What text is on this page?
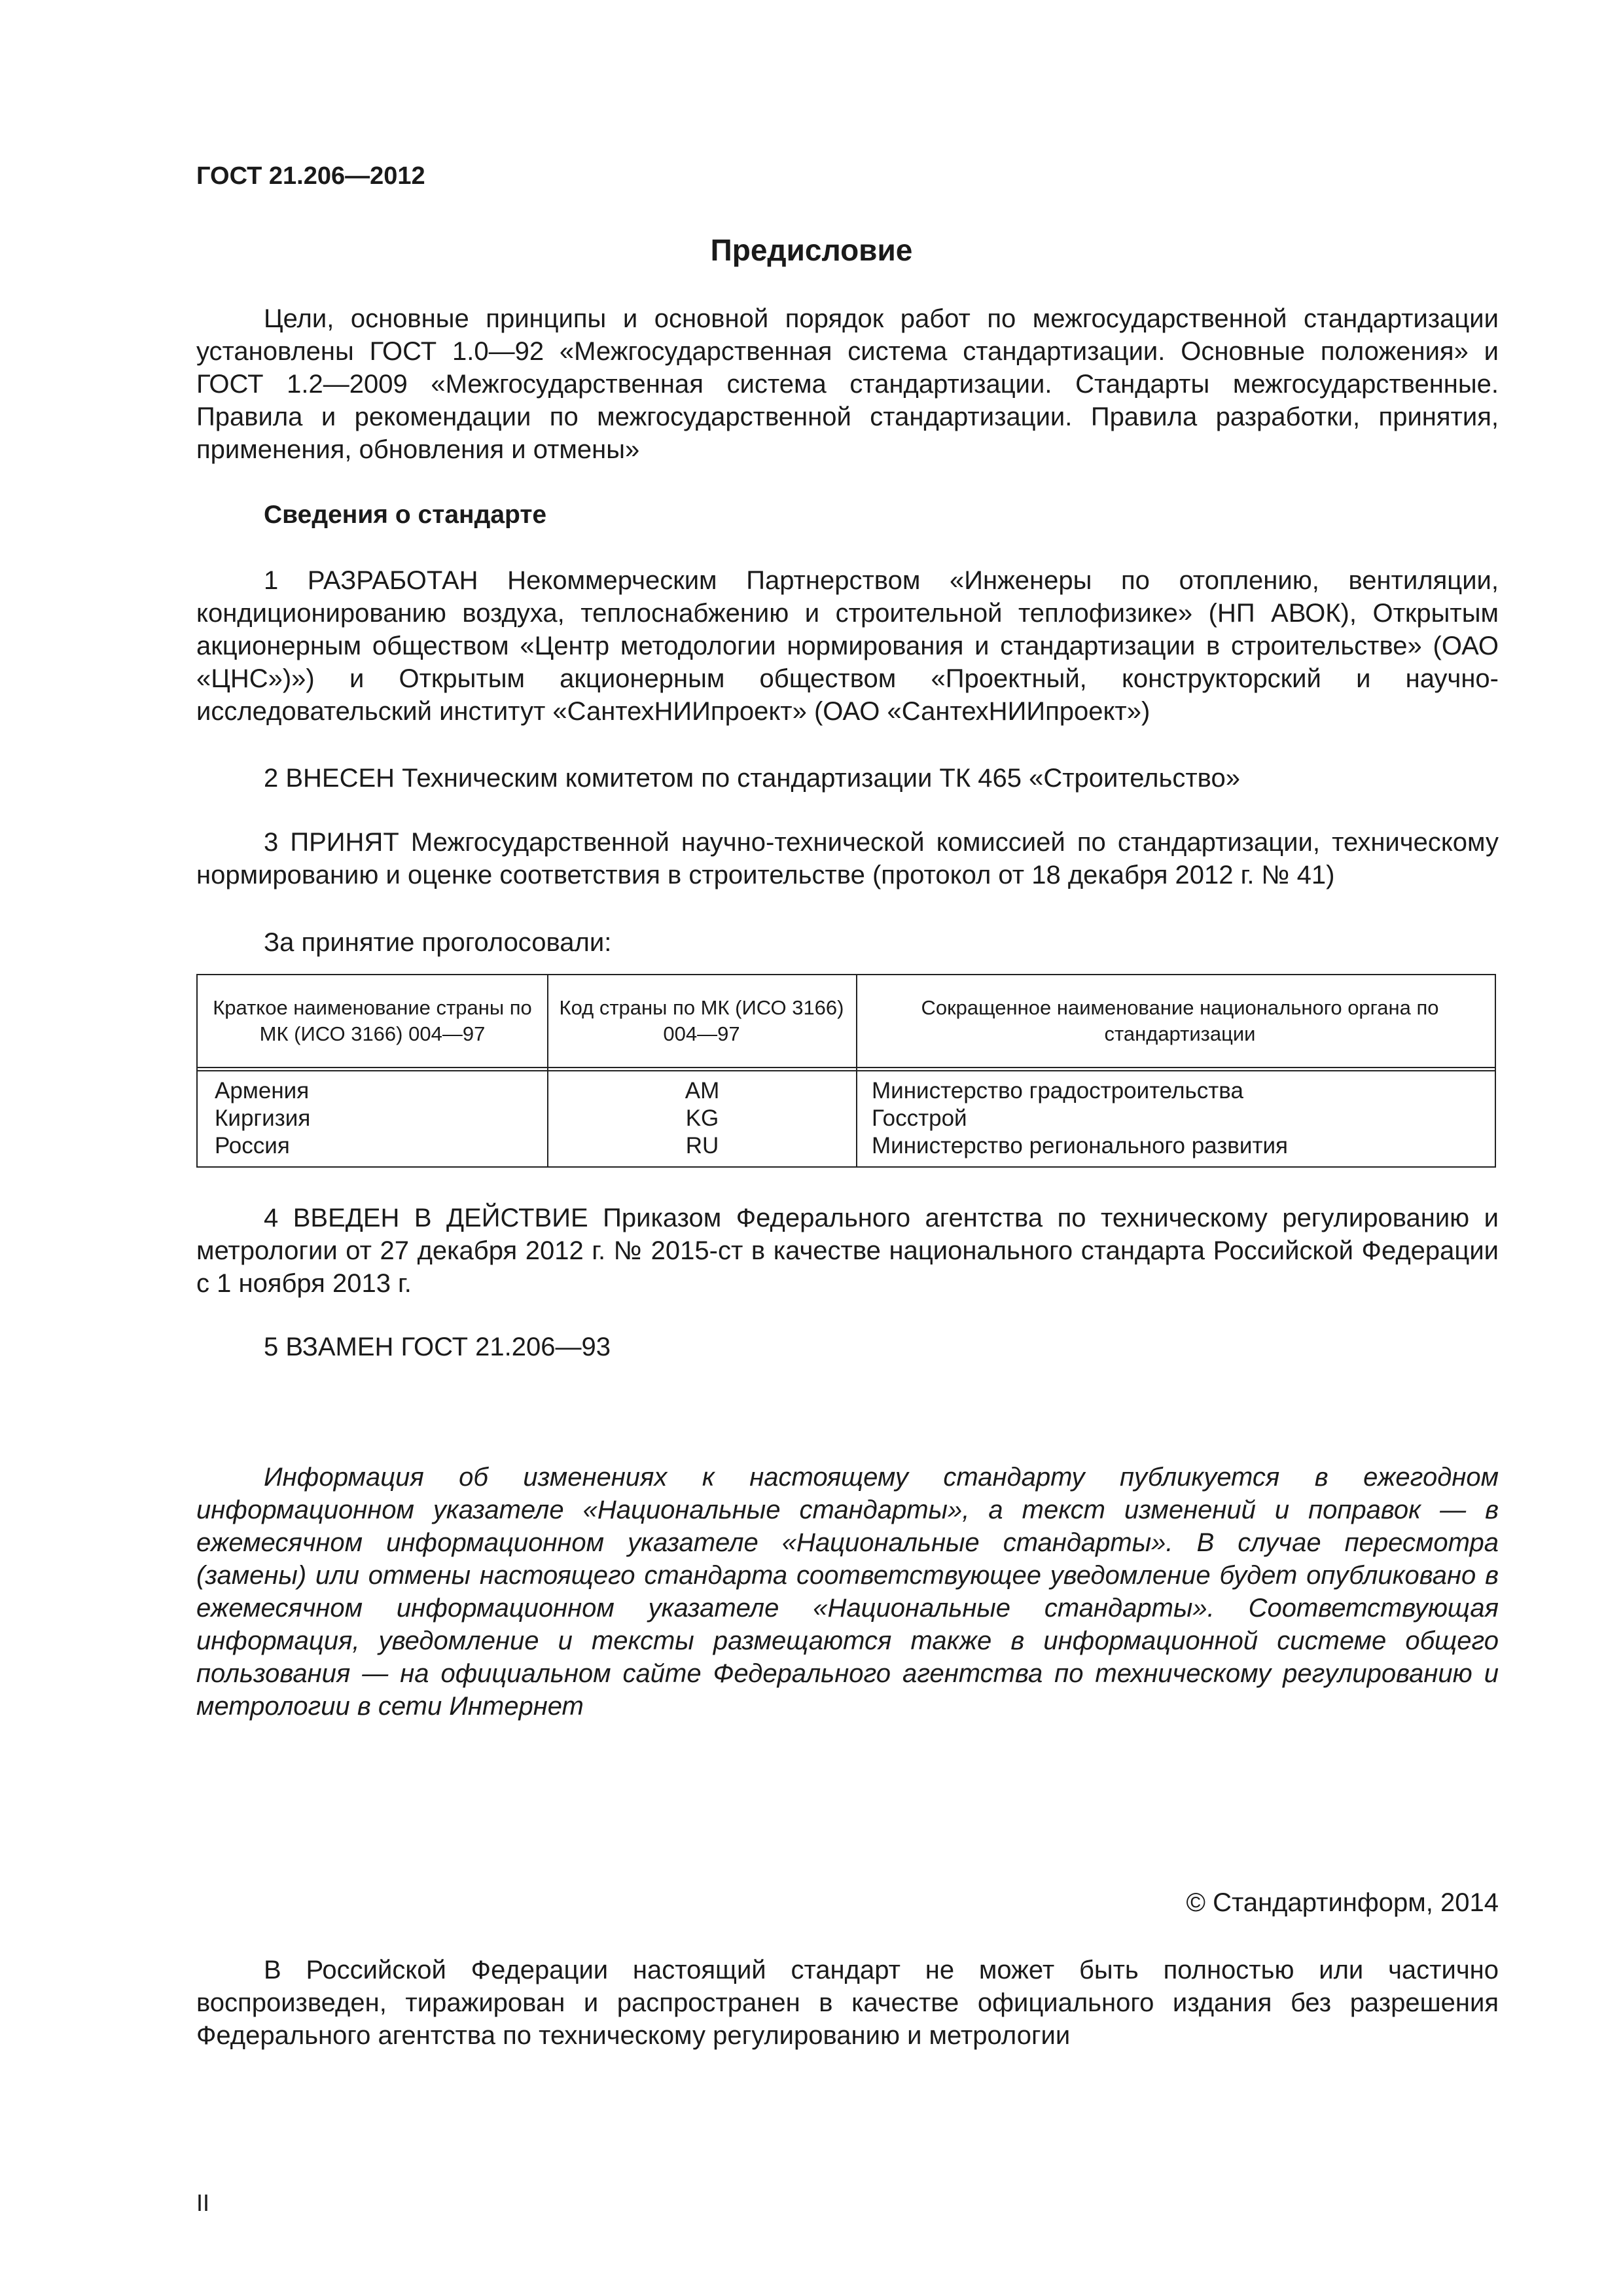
ГОСТ 21.206—2012
Предисловие

Цели, основные принципы и основной порядок работ по межгосударственной стандартизации установлены ГОСТ 1.0—92 «Межгосударственная система стандартизации. Основные положения» и ГОСТ 1.2—2009 «Межгосударственная система стандартизации. Стандарты межгосударственные. Правила и рекомендации по межгосударственной стандартизации. Правила разработки, принятия, применения, обновления и отмены»

Сведения о стандарте

1 РАЗРАБОТАН Некоммерческим Партнерством «Инженеры по отоплению, вентиляции, кондиционированию воздуха, теплоснабжению и строительной теплофизике» (НП АВОК), Открытым акционерным обществом «Центр методологии нормирования и стандартизации в строительстве» (ОАО «ЦНС»)») и Открытым акционерным обществом «Проектный, конструкторский и научно-исследовательский институт «СантехНИИпроект» (ОАО «СантехНИИпроект»)

2 ВНЕСЕН Техническим комитетом по стандартизации ТК 465 «Строительство»

3 ПРИНЯТ Межгосударственной научно-технической комиссией по стандартизации, техническому нормированию и оценке соответствия в строительстве (протокол от 18 декабря 2012 г. № 41)

За принятие проголосовали:
Краткое наименование страны по МК (ИСО 3166) 004—97
Код страны по МК (ИСО 3166) 004—97
Сокращенное наименование национального органа по стандартизации
Армения
Киргизия
Россия
AM
KG
RU
Министерство градостроительства
Госстрой
Министерство регионального развития

4 ВВЕДЕН В ДЕЙСТВИЕ Приказом Федерального агентства по техническому регулированию и метрологии от 27 декабря 2012 г. № 2015-ст в качестве национального стандарта Российской Федерации с 1 ноября 2013 г.

5 ВЗАМЕН ГОСТ 21.206—93

Информация об изменениях к настоящему стандарту публикуется в ежегодном информационном указателе «Национальные стандарты», а текст изменений и поправок — в ежемесячном информационном указателе «Национальные стандарты». В случае пересмотра (замены) или отмены настоящего стандарта соответствующее уведомление будет опубликовано в ежемесячном информационном указателе «Национальные стандарты». Соответствующая информация, уведомление и тексты размещаются также в информационной системе общего пользования — на официальном сайте Федерального агентства по техническому регулированию и метрологии в сети Интернет

© Стандартинформ, 2014

В Российской Федерации настоящий стандарт не может быть полностью или частично воспроизведен, тиражирован и распространен в качестве официального издания без разрешения Федерального агентства по техническому регулированию и метрологии

II
